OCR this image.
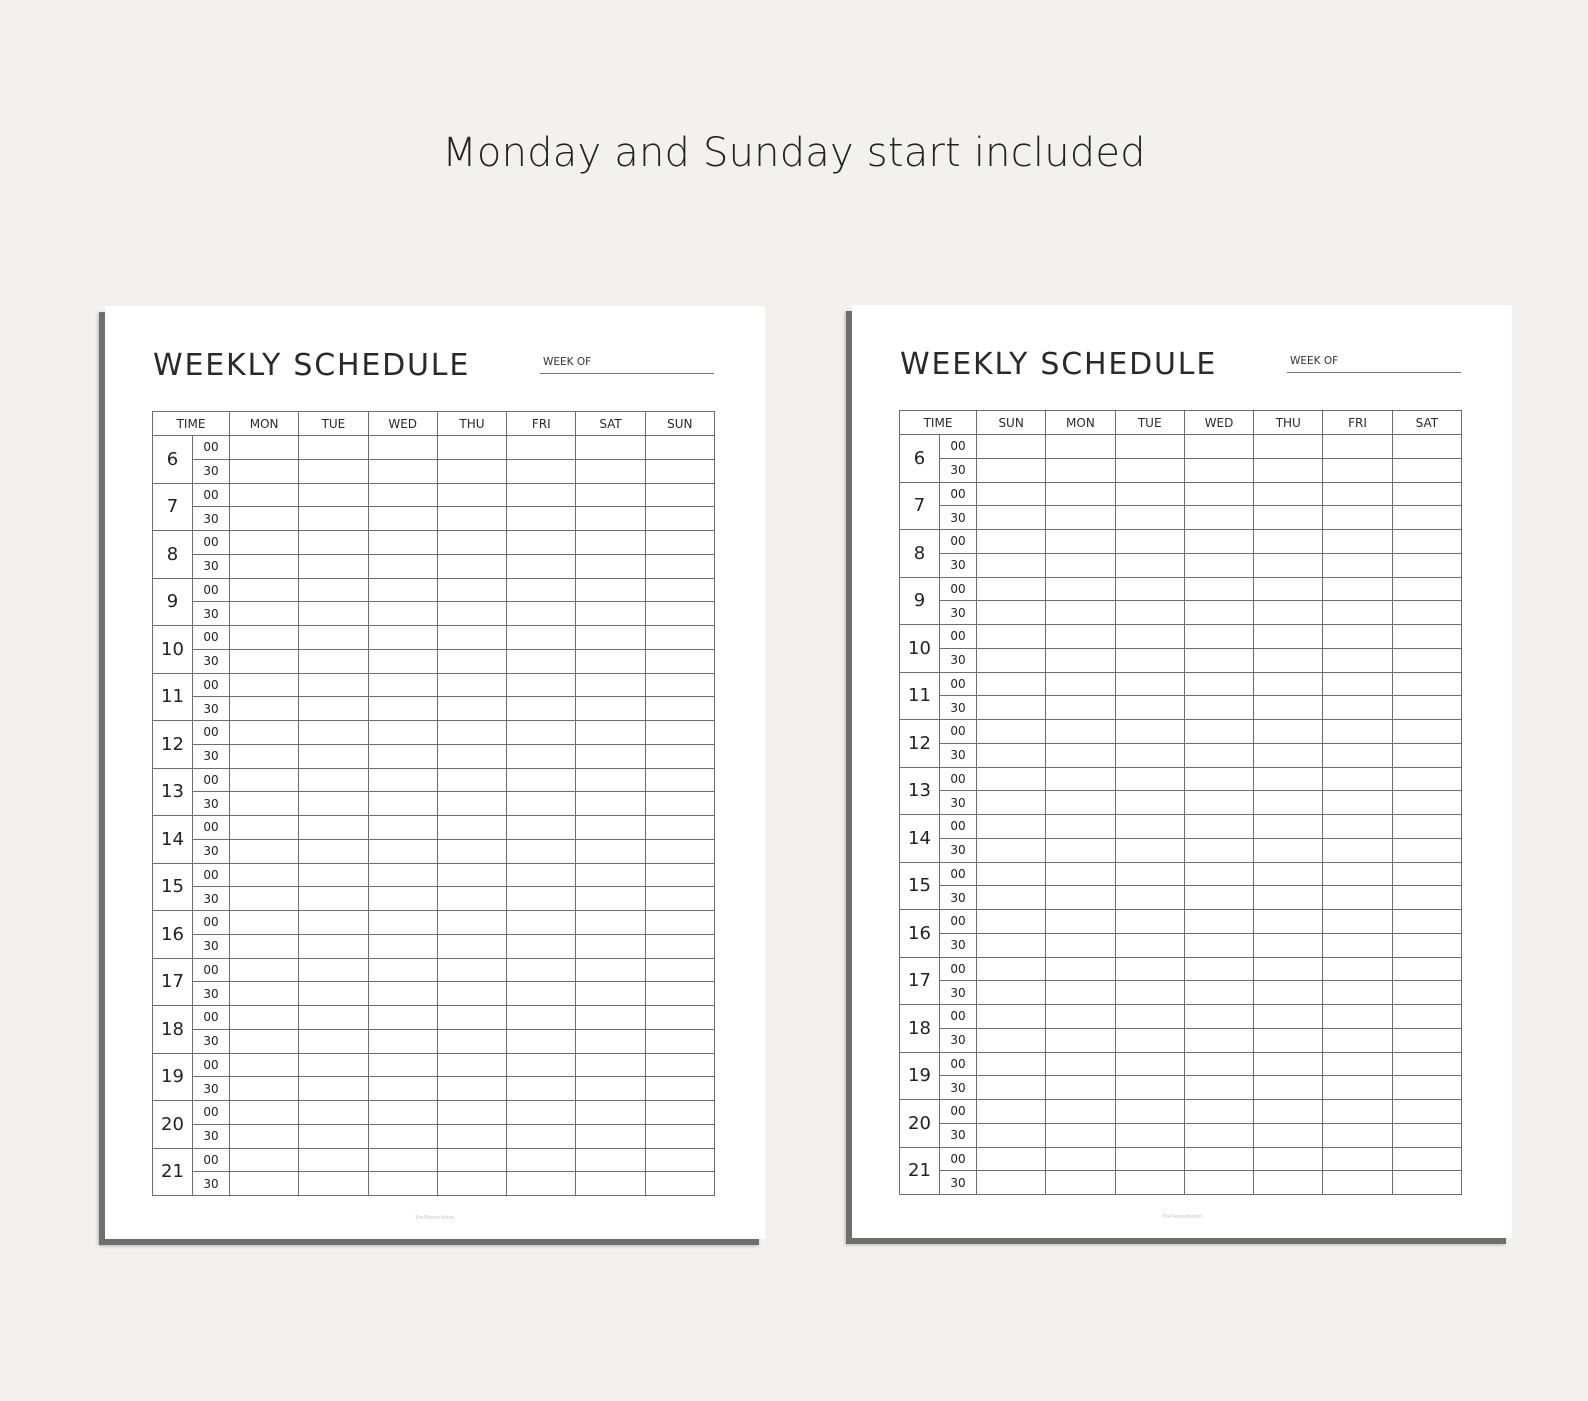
Monday and Sunday start included
WEEKLY SCHEDULE	WEEK OF
TIME		MON	TUE	WED	THU	FRI	SAT	SUN
6	00							
	30							
7	00							
	30							
8	00							
	30							
9	00							
	30							
10	00							
	30							
11	00							
	30							
12	00							
	30							
13	00							
	30							
14	00							
	30							
15	00							
	30							
16	00							
	30							
17	00							
	30							
18	00							
	30							
19	00							
	30							
20	00							
	30							
21	00							
	30							
ThePlannerNation
WEEKLY SCHEDULE	WEEK OF
TIME		SUN	MON	TUE	WED	THU	FRI	SAT
6	00							
	30							
7	00							
	30							
8	00							
	30							
9	00							
	30							
10	00							
	30							
11	00							
	30							
12	00							
	30							
13	00							
	30							
14	00							
	30							
15	00							
	30							
16	00							
	30							
17	00							
	30							
18	00							
	30							
19	00							
	30							
20	00							
	30							
21	00							
	30							
ThePlannerNation
